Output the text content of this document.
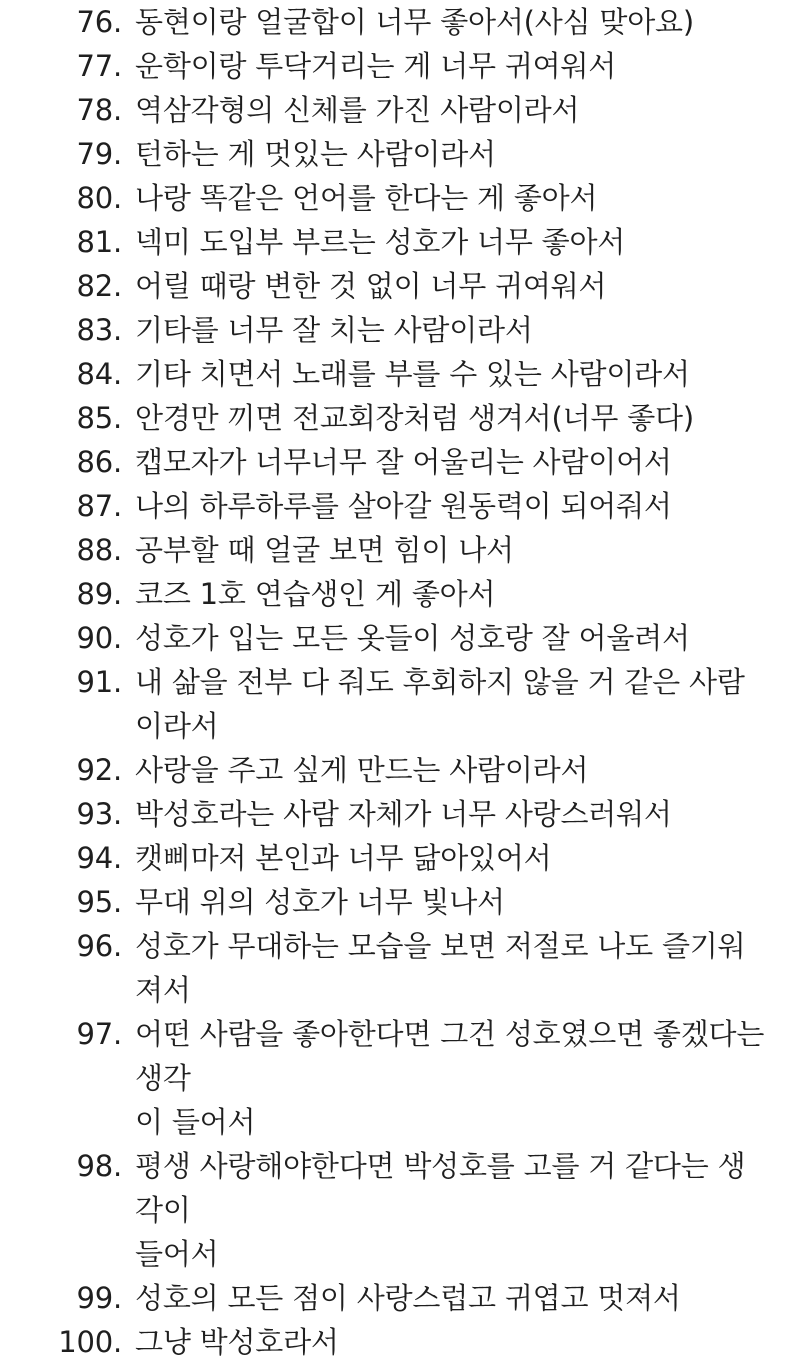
76. 동현이랑 얼굴합이 너무 좋아서(사심 맞아요)
77. 운학이랑 투닥거리는 게 너무 귀여워서
78. 역삼각형의 신체를 가진 사람이라서
79. 턴하는 게 멋있는 사람이라서
80. 나랑 똑같은 언어를 한다는 게 좋아서
81. 넥미 도입부 부르는 성호가 너무 좋아서
82. 어릴 때랑 변한 것 없이 너무 귀여워서
83. 기타를 너무 잘 치는 사람이라서
84. 기타 치면서 노래를 부를 수 있는 사람이라서
85. 안경만 끼면 전교회장처럼 생겨서(너무 좋다)
86. 캡모자가 너무너무 잘 어울리는 사람이어서
87. 나의 하루하루를 살아갈 원동력이 되어줘서
88. 공부할 때 얼굴 보면 힘이 나서
89. 코즈 1호 연습생인 게 좋아서
90. 성호가 입는 모든 옷들이 성호랑 잘 어울려서
91. 내 삶을 전부 다 줘도 후회하지 않을 거 같은 사람이라서
92. 사랑을 주고 싶게 만드는 사람이라서
93. 박성호라는 사람 자체가 너무 사랑스러워서
94. 캣삐마저 본인과 너무 닮아있어서
95. 무대 위의 성호가 너무 빛나서
96. 성호가 무대하는 모습을 보면 저절로 나도 즐기워져서
97. 어떤 사람을 좋아한다면 그건 성호였으면 좋겠다는 생각
이 들어서
98. 평생 사랑해야한다면 박성호를 고를 거 같다는 생각이
들어서
99. 성호의 모든 점이 사랑스럽고 귀엽고 멋져서
100. 그냥 박성호라서
